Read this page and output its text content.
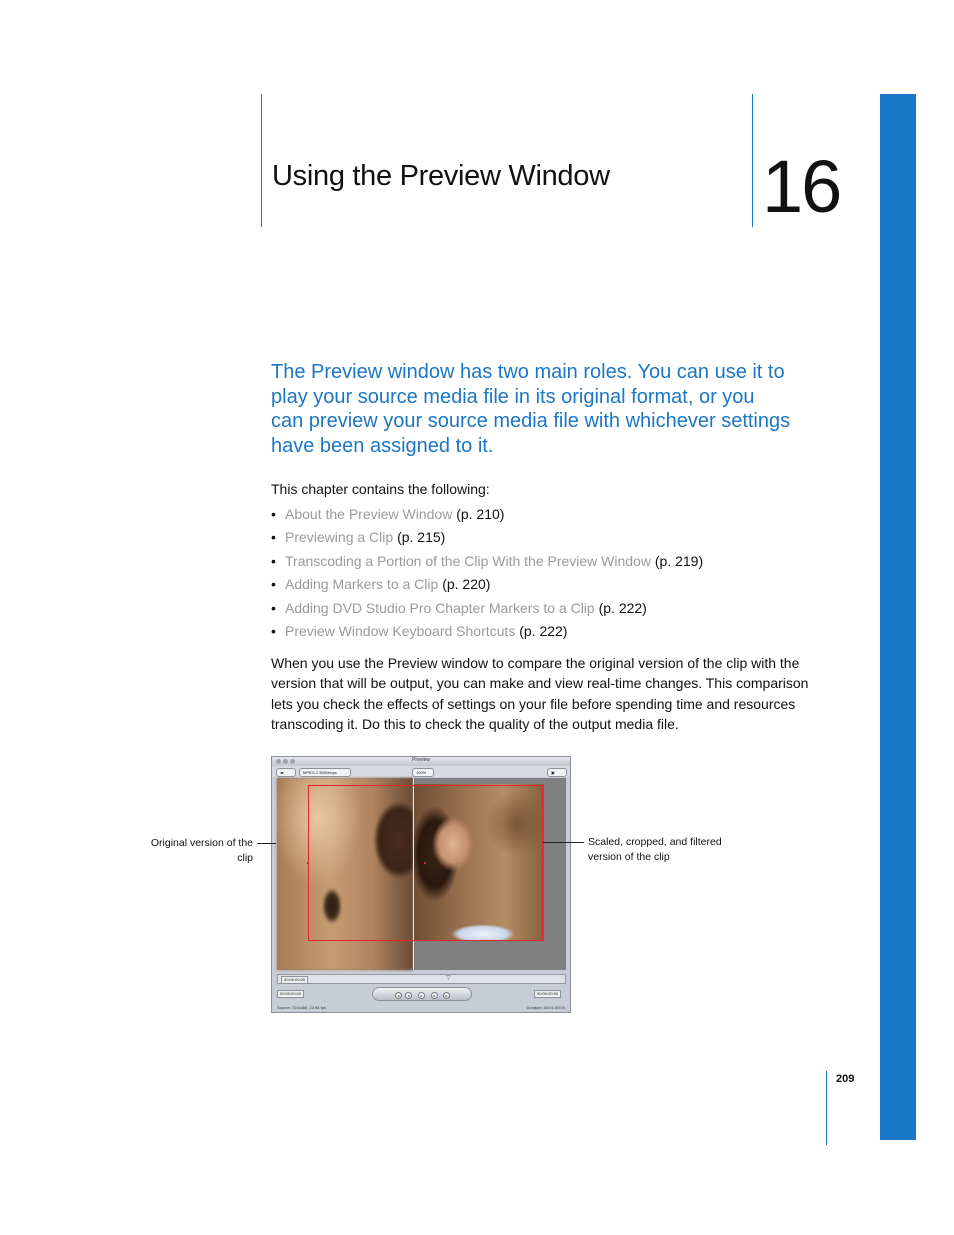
Using the Preview Window 16
The Preview window has two main roles. You can use it to play your source media file in its original format, or you can preview your source media file with whichever settings have been assigned to it.
This chapter contains the following:
• About the Preview Window (p. 210)
• Previewing a Clip (p. 215)
• Transcoding a Portion of the Clip With the Preview Window (p. 219)
• Adding Markers to a Clip (p. 220)
• Adding DVD Studio Pro Chapter Markers to a Clip (p. 222)
• Preview Window Keyboard Shortcuts (p. 222)
When you use the Preview window to compare the original version of the clip with the version that will be output, you can make and view real-time changes. This comparison lets you check the effects of settings on your file before spending time and resources transcoding it. Do this to check the quality of the output media file.
Preview
◂▸	MPEG-2 5000kbps	100%	▣
00:00:00:00	▽
00:00:00:00	◂	◂	▸	▸	▸	00:00:00:00
Source: 720x480, 23.98 fps	Duration: 00:01:20:00
Original version of the clip
Scaled, cropped, and filtered version of the clip
209
